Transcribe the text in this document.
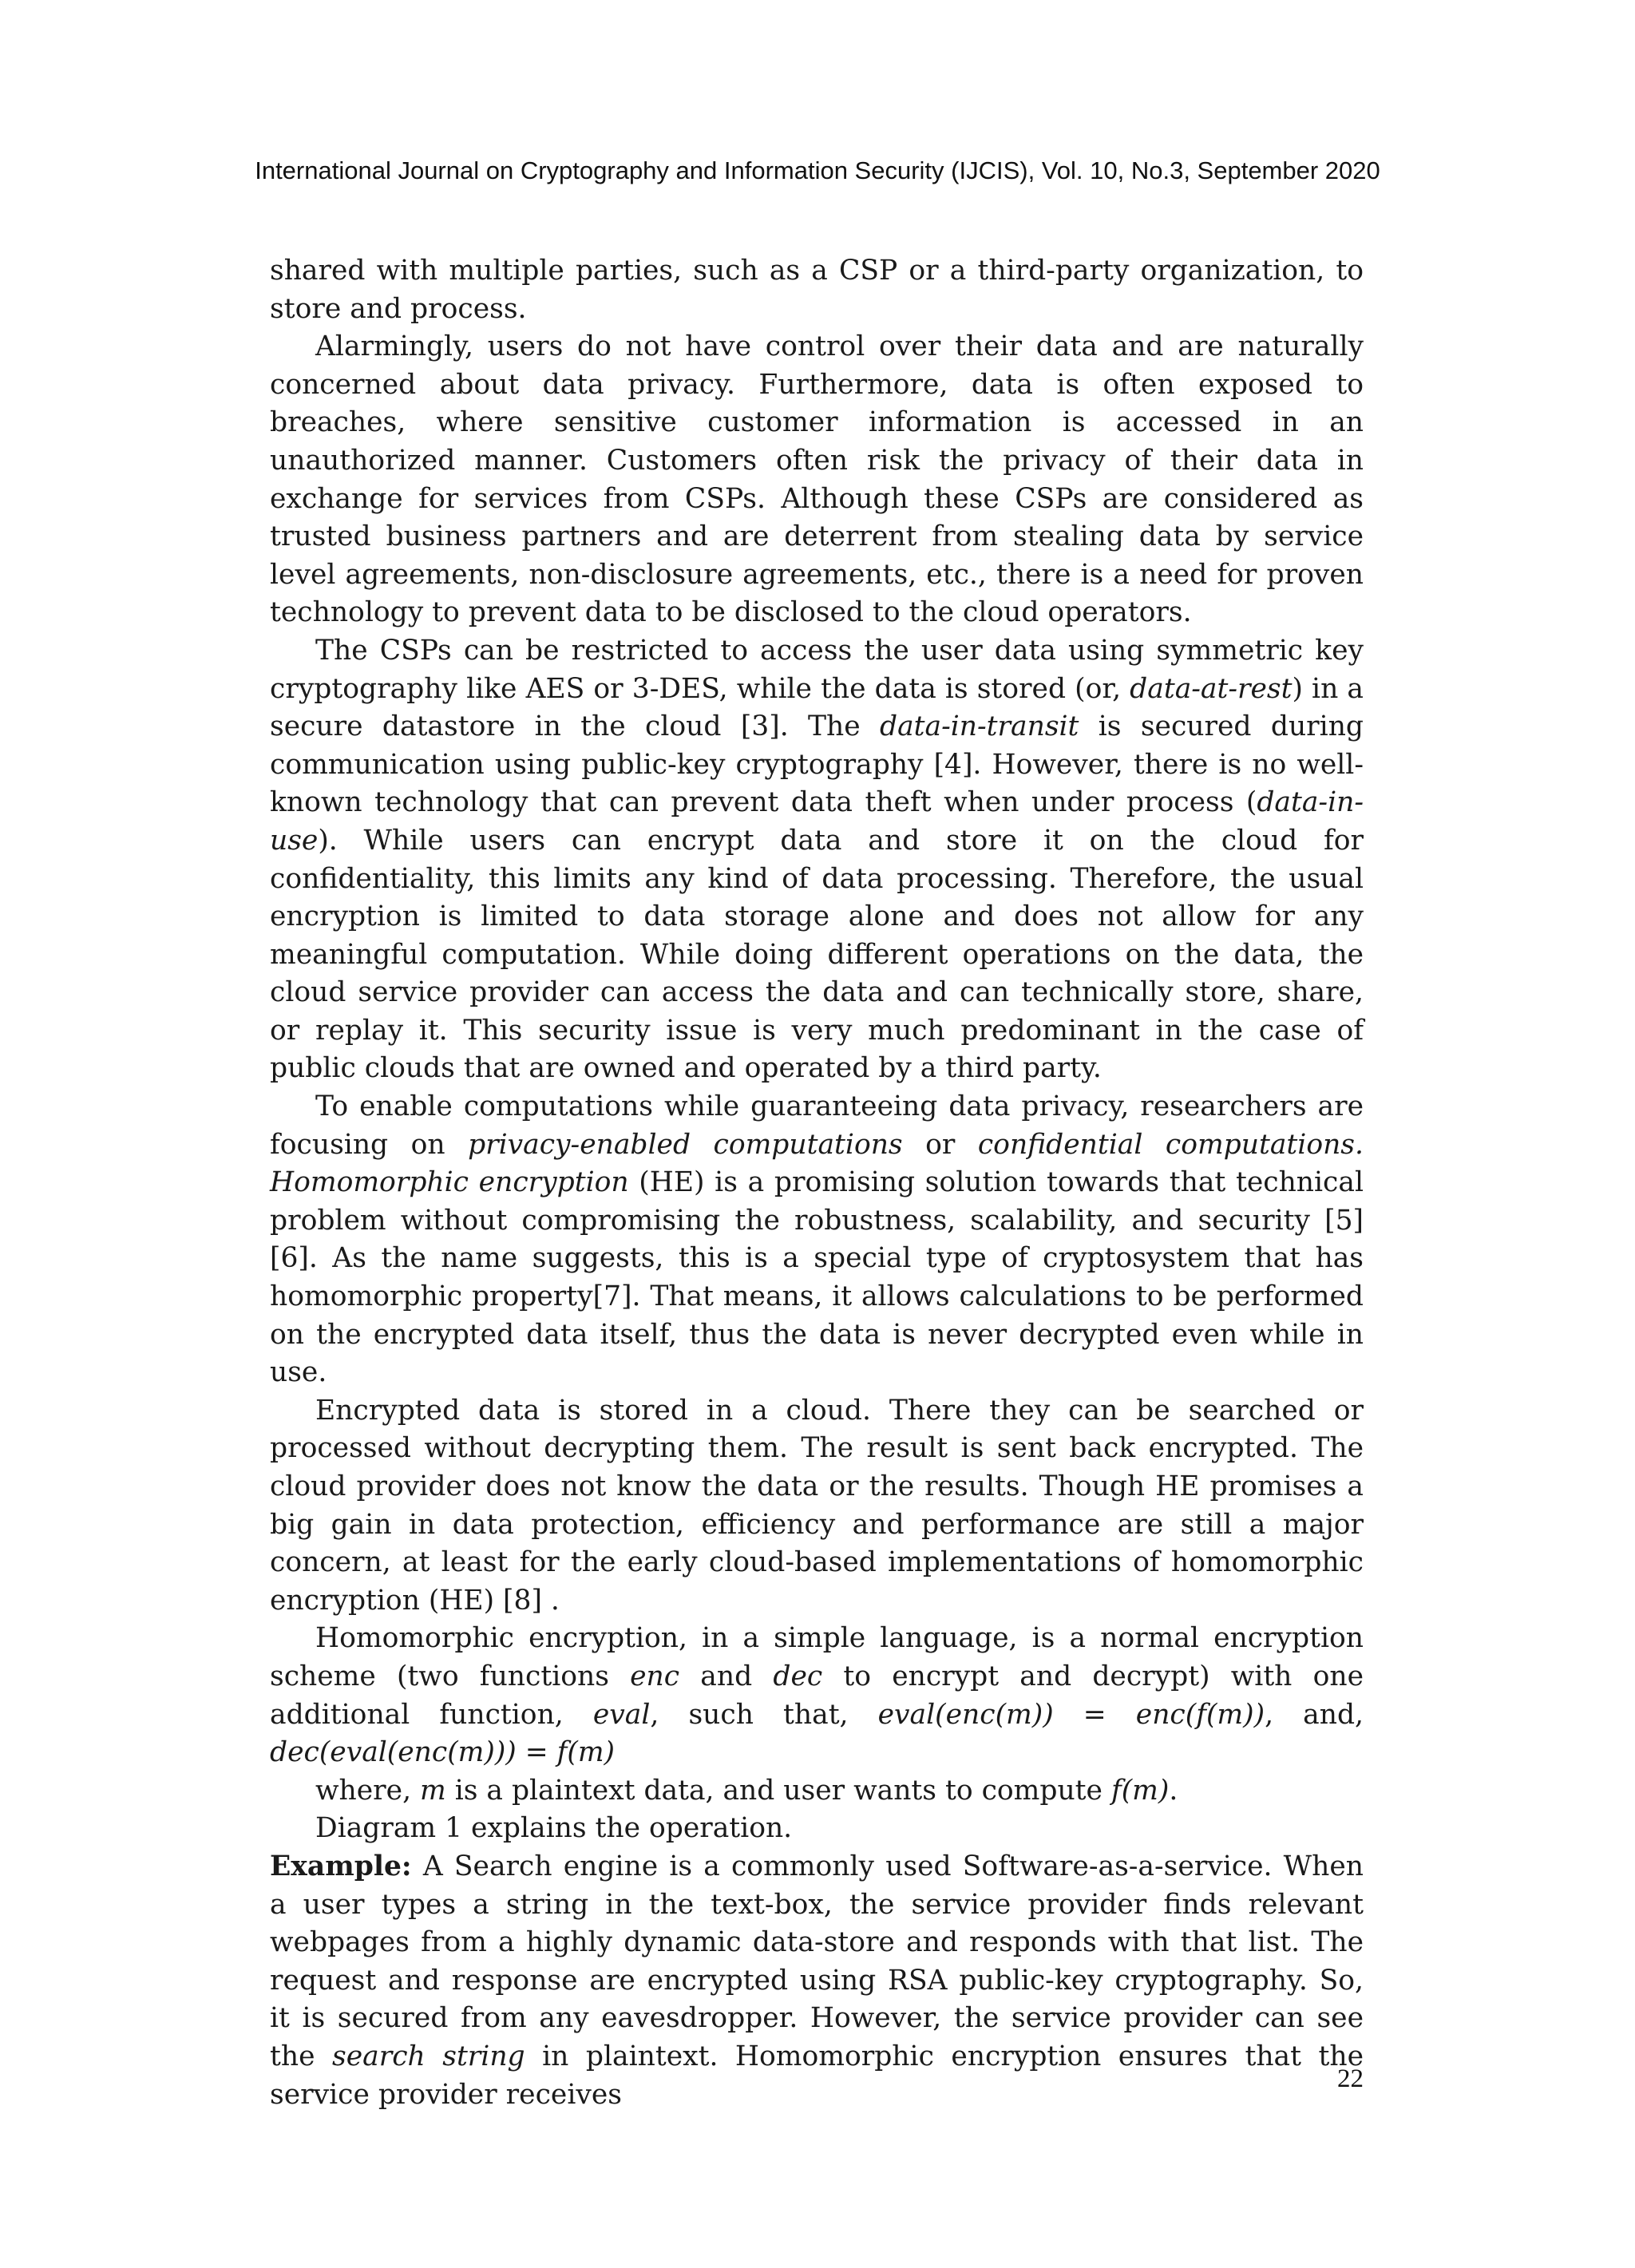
International Journal on Cryptography and Information Security (IJCIS), Vol. 10, No.3, September 2020

shared with multiple parties, such as a CSP or a third-party organization, to store and process.

Alarmingly, users do not have control over their data and are naturally concerned about data privacy. Furthermore, data is often exposed to breaches, where sensitive customer information is accessed in an unauthorized manner. Customers often risk the privacy of their data in exchange for services from CSPs. Although these CSPs are considered as trusted business partners and are deterrent from stealing data by service level agreements, non-disclosure agreements, etc., there is a need for proven technology to prevent data to be disclosed to the cloud operators.

The CSPs can be restricted to access the user data using symmetric key cryptography like AES or 3-DES, while the data is stored (or, data-at-rest) in a secure datastore in the cloud [3]. The data-in-transit is secured during communication using public-key cryptography [4]. However, there is no well-known technology that can prevent data theft when under process (data-in-use). While users can encrypt data and store it on the cloud for confidentiality, this limits any kind of data processing. Therefore, the usual encryption is limited to data storage alone and does not allow for any meaningful computation. While doing different operations on the data, the cloud service provider can access the data and can technically store, share, or replay it. This security issue is very much predominant in the case of public clouds that are owned and operated by a third party.

To enable computations while guaranteeing data privacy, researchers are focusing on privacy-enabled computations or confidential computations. Homomorphic encryption (HE) is a promising solution towards that technical problem without compromising the robustness, scalability, and security [5][6]. As the name suggests, this is a special type of cryptosystem that has homomorphic property[7]. That means, it allows calculations to be performed on the encrypted data itself, thus the data is never decrypted even while in use.

Encrypted data is stored in a cloud. There they can be searched or processed without decrypting them. The result is sent back encrypted. The cloud provider does not know the data or the results. Though HE promises a big gain in data protection, efficiency and performance are still a major concern, at least for the early cloud-based implementations of homomorphic encryption (HE) [8] .

Homomorphic encryption, in a simple language, is a normal encryption scheme (two functions enc and dec to encrypt and decrypt) with one additional function, eval, such that, eval(enc(m)) = enc(f(m)), and, dec(eval(enc(m))) = f(m)

where, m is a plaintext data, and user wants to compute f(m).

Diagram 1 explains the operation.

Example: A Search engine is a commonly used Software-as-a-service. When a user types a string in the text-box, the service provider finds relevant webpages from a highly dynamic data-store and responds with that list. The request and response are encrypted using RSA public-key cryptography. So, it is secured from any eavesdropper. However, the service provider can see the search string in plaintext. Homomorphic encryption ensures that the service provider receives	22
